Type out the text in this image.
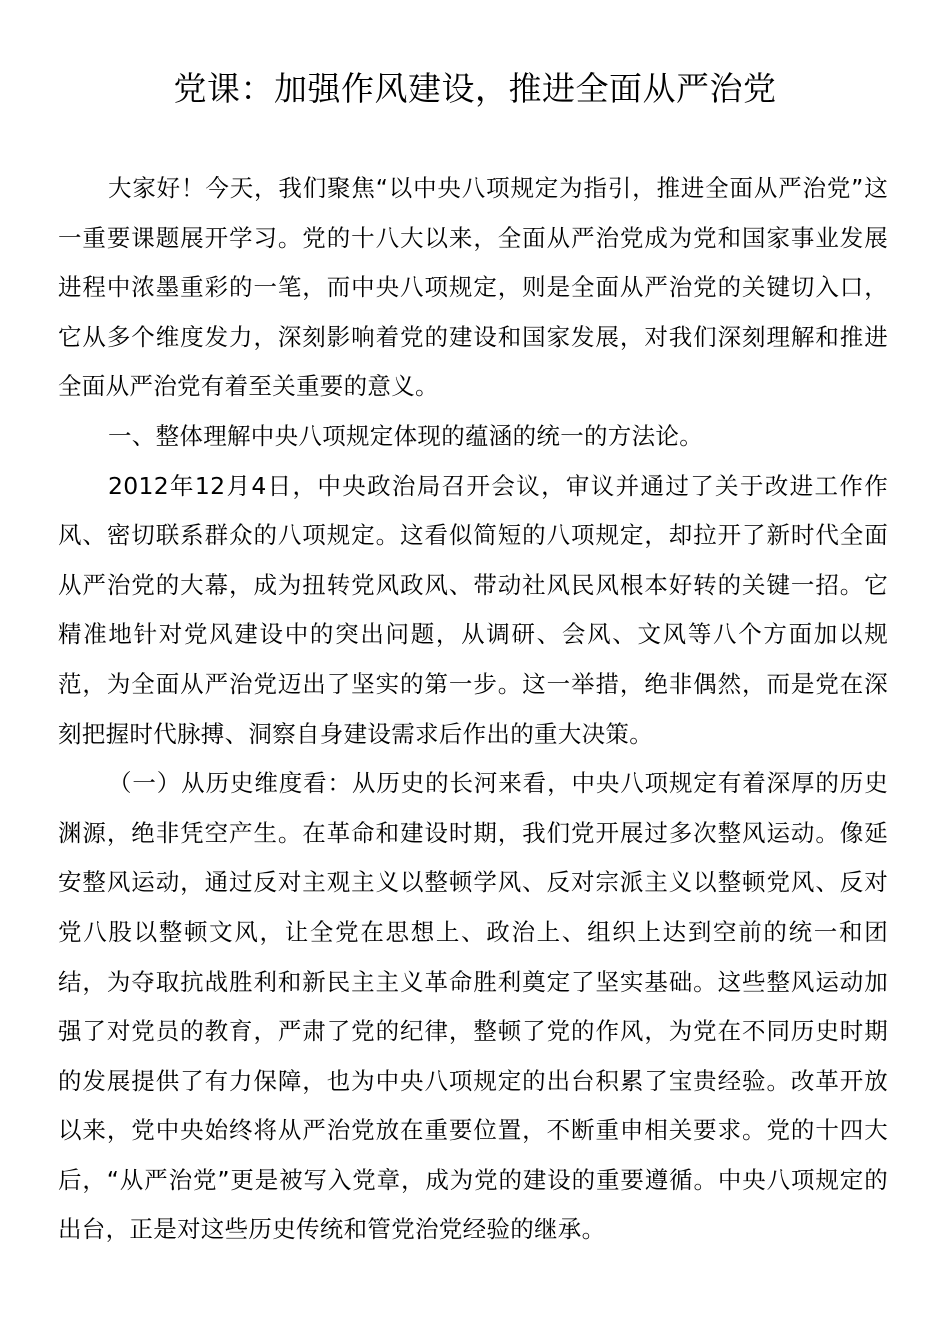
党课：加强作风建设，推进全面从严治党

大家好！今天，我们聚焦“以中央八项规定为指引，推进全面从严治党”这一重要课题展开学习。党的十八大以来，全面从严治党成为党和国家事业发展进程中浓墨重彩的一笔，而中央八项规定，则是全面从严治党的关键切入口，它从多个维度发力，深刻影响着党的建设和国家发展，对我们深刻理解和推进全面从严治党有着至关重要的意义。

一、整体理解中央八项规定体现的蕴涵的统一的方法论。

2012年12月4日，中央政治局召开会议，审议并通过了关于改进工作作风、密切联系群众的八项规定。这看似简短的八项规定，却拉开了新时代全面从严治党的大幕，成为扭转党风政风、带动社风民风根本好转的关键一招。它精准地针对党风建设中的突出问题，从调研、会风、文风等八个方面加以规范，为全面从严治党迈出了坚实的第一步。这一举措，绝非偶然，而是党在深刻把握时代脉搏、洞察自身建设需求后作出的重大决策。

（一）从历史维度看：从历史的长河来看，中央八项规定有着深厚的历史渊源，绝非凭空产生。在革命和建设时期，我们党开展过多次整风运动。像延安整风运动，通过反对主观主义以整顿学风、反对宗派主义以整顿党风、反对党八股以整顿文风，让全党在思想上、政治上、组织上达到空前的统一和团结，为夺取抗战胜利和新民主主义革命胜利奠定了坚实基础。这些整风运动加强了对党员的教育，严肃了党的纪律，整顿了党的作风，为党在不同历史时期的发展提供了有力保障，也为中央八项规定的出台积累了宝贵经验。改革开放以来，党中央始终将从严治党放在重要位置，不断重申相关要求。党的十四大后，“从严治党”更是被写入党章，成为党的建设的重要遵循。中央八项规定的出台，正是对这些历史传统和管党治党经验的继承。
